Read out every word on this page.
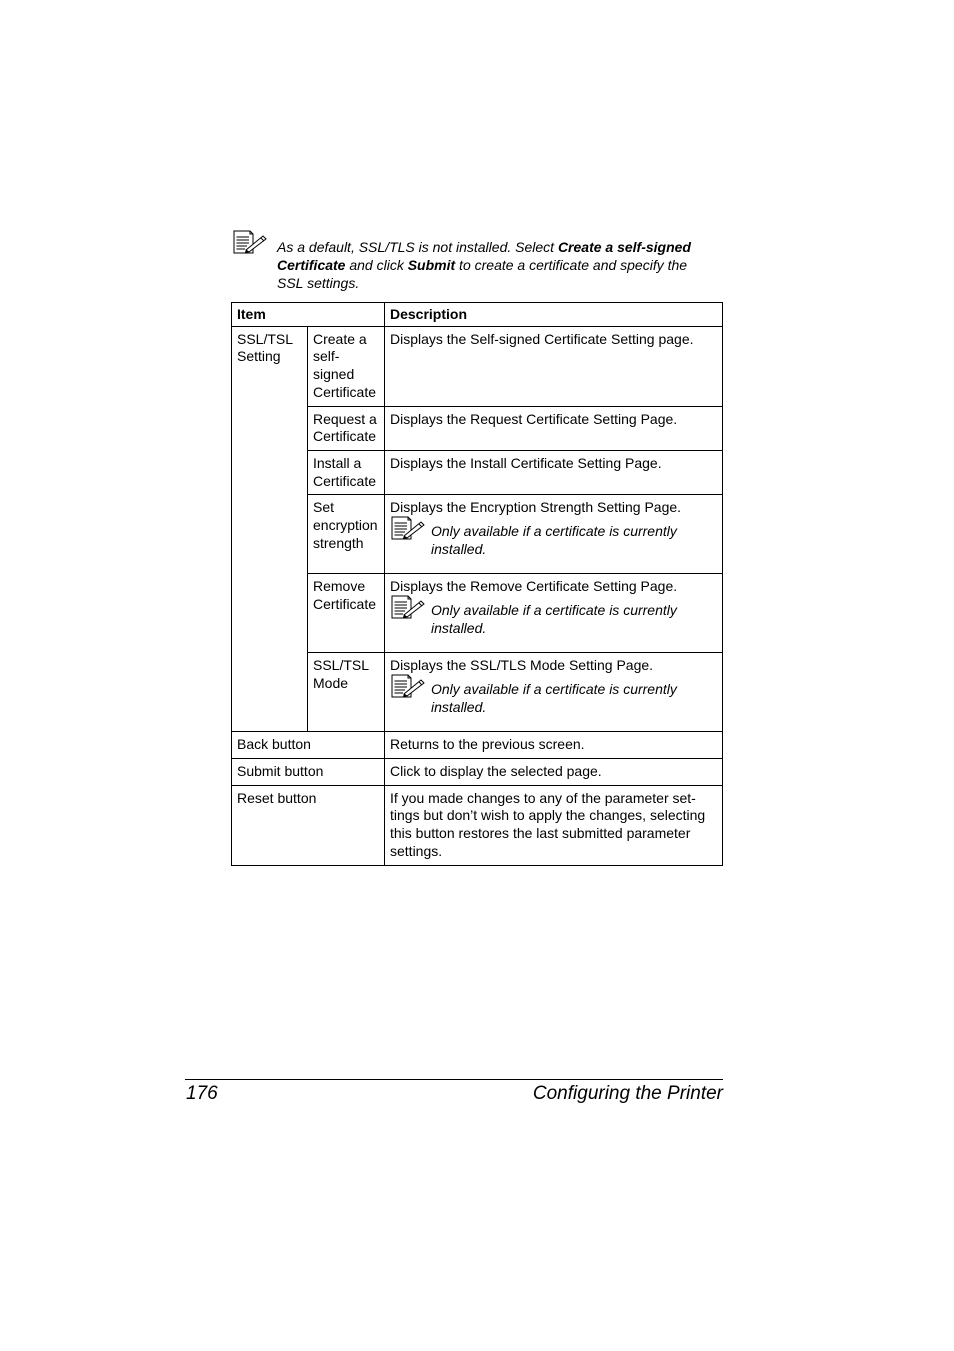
As a default, SSL/TLS is not installed. Select Create a self-signed Certificate and click Submit to create a certificate and specify the SSL settings.
Item		Description
SSL/TSL Setting	Create a self-signed Certificate	Displays the Self-signed Certificate Setting page.
	Request a Certificate	Displays the Request Certificate Setting Page.
	Install a Certificate	Displays the Install Certificate Setting Page.
	Set encryption strength	Displays the Encryption Strength Setting Page.
Only available if a certificate is currently installed.

	Remove Certificate	Displays the Remove Certificate Setting Page.
Only available if a certificate is currently installed.

	SSL/TSL Mode	Displays the SSL/TLS Mode Setting Page.
Only available if a certificate is currently installed.

Back button		Returns to the previous screen.
Submit button		Click to display the selected page.
Reset button		If you made changes to any of the parameter set-tings but don’t wish to apply the changes, selecting this button restores the last submitted parameter settings.
176	Configuring the Printer
